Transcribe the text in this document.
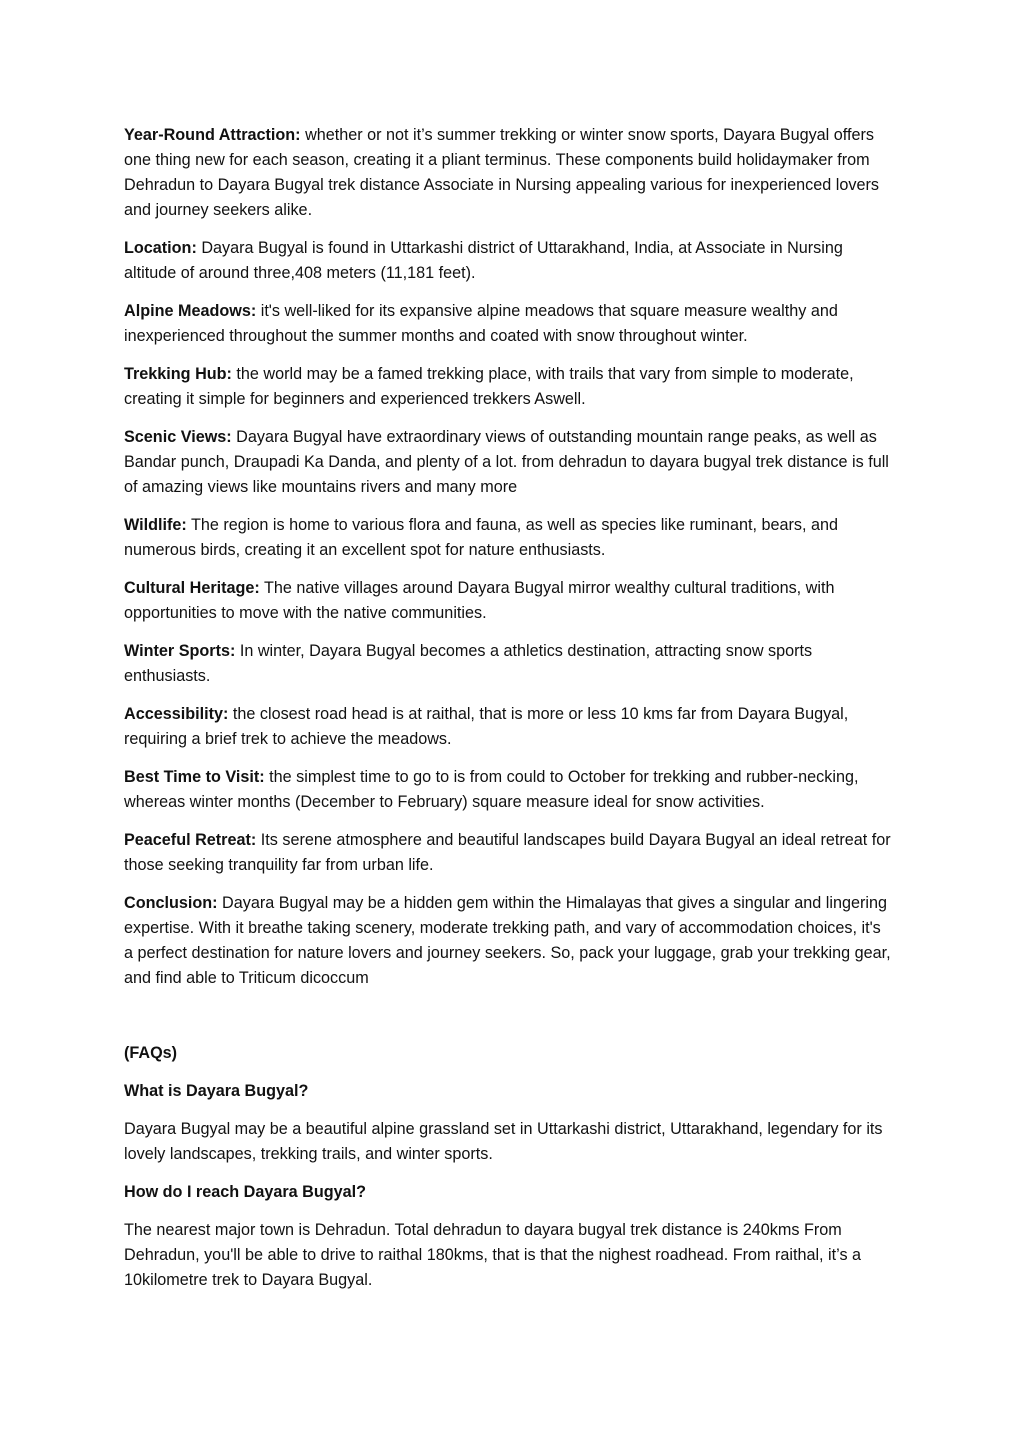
Year-Round Attraction: whether or not it’s summer trekking or winter snow sports, Dayara Bugyal offers one thing new for each season, creating it a pliant terminus. These components build holidaymaker from Dehradun to Dayara Bugyal trek distance Associate in Nursing appealing various for inexperienced lovers and journey seekers alike.

Location: Dayara Bugyal is found in Uttarkashi district of Uttarakhand, India, at Associate in Nursing altitude of around three,408 meters (11,181 feet).

Alpine Meadows: it's well-liked for its expansive alpine meadows that square measure wealthy and inexperienced throughout the summer months and coated with snow throughout winter.

Trekking Hub: the world may be a famed trekking place, with trails that vary from simple to moderate, creating it simple for beginners and experienced trekkers Aswell.

Scenic Views: Dayara Bugyal have extraordinary views of outstanding mountain range peaks, as well as Bandar punch, Draupadi Ka Danda, and plenty of a lot. from dehradun to dayara bugyal trek distance is full of amazing views like mountains rivers and many more

Wildlife: The region is home to various flora and fauna, as well as species like ruminant, bears, and numerous birds, creating it an excellent spot for nature enthusiasts.

Cultural Heritage: The native villages around Dayara Bugyal mirror wealthy cultural traditions, with opportunities to move with the native communities.

Winter Sports: In winter, Dayara Bugyal becomes a athletics destination, attracting snow sports enthusiasts.

Accessibility: the closest road head is at raithal, that is more or less 10 kms far from Dayara Bugyal, requiring a brief trek to achieve the meadows.

Best Time to Visit: the simplest time to go to is from could to October for trekking and rubber-necking, whereas winter months (December to February) square measure ideal for snow activities.

Peaceful Retreat: Its serene atmosphere and beautiful landscapes build Dayara Bugyal an ideal retreat for those seeking tranquility far from urban life.

Conclusion: Dayara Bugyal may be a hidden gem within the Himalayas that gives a singular and lingering expertise. With it breathe taking scenery, moderate trekking path, and vary of accommodation choices, it's a perfect destination for nature lovers and journey seekers. So, pack your luggage, grab your trekking gear, and find able to Triticum dicoccum

(FAQs)

What is Dayara Bugyal?

Dayara Bugyal may be a beautiful alpine grassland set in Uttarkashi district, Uttarakhand, legendary for its lovely landscapes, trekking trails, and winter sports.

How do I reach Dayara Bugyal?

The nearest major town is Dehradun. Total dehradun to dayara bugyal trek distance is 240kms From Dehradun, you'll be able to drive to raithal 180kms, that is that the nighest roadhead. From raithal, it’s a 10kilometre trek to Dayara Bugyal.
